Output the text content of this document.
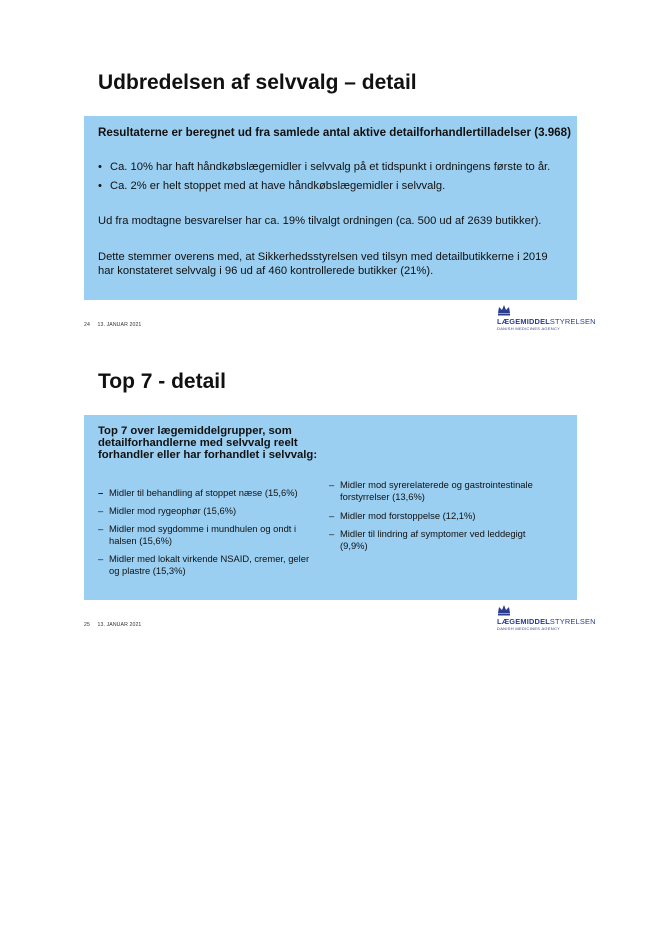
Udbredelsen af selvvalg – detail
Resultaterne er beregnet ud fra samlede antal aktive detailforhandlertilladelser (3.968)
• Ca. 10% har haft håndkøbslægemidler i selvvalg på et tidspunkt i ordningens første to år.
• Ca. 2% er helt stoppet med at have håndkøbslægemidler i selvvalg.
Ud fra modtagne besvarelser har ca. 19% tilvalgt ordningen (ca. 500 ud af 2639 butikker).
Dette stemmer overens med, at Sikkerhedsstyrelsen ved tilsyn med detailbutikkerne i 2019
har konstateret selvvalg i 96 ud af 460 kontrollerede butikker (21%).
24 13. JANUAR 2021	LÆGEMIDDELSTYRELSEN
DANISH MEDICINES AGENCY
Top 7 - detail
Top 7 over lægemiddelgrupper, som
detailforhandlerne med selvvalg reelt
forhandler eller har forhandlet i selvvalg:
– Midler til behandling af stoppet næse (15,6%)
– Midler mod rygeophør (15,6%)
– Midler mod sygdomme i mundhulen og ondt i
halsen (15,6%)
– Midler med lokalt virkende NSAID, cremer, geler
og plastre (15,3%)
– Midler mod syrerelaterede og gastrointestinale
forstyrrelser (13,6%)
– Midler mod forstoppelse (12,1%)
– Midler til lindring af symptomer ved leddegigt
(9,9%)
25 13. JANUAR 2021	LÆGEMIDDELSTYRELSEN
DANISH MEDICINES AGENCY
